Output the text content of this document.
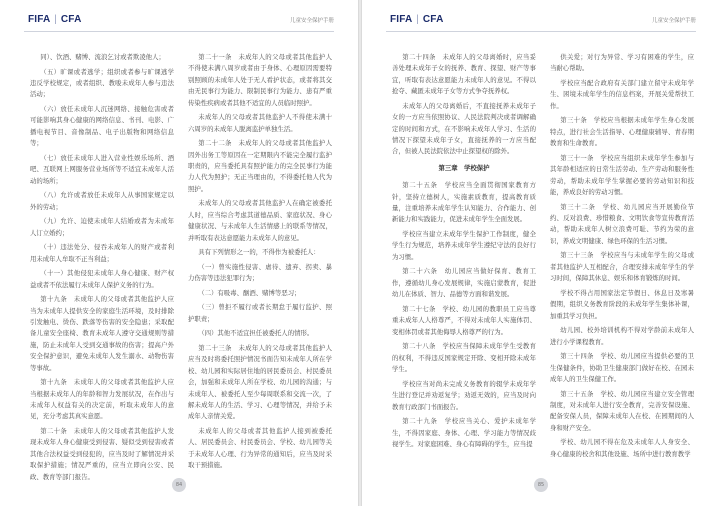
FIFA | CFA	儿童安全保护手册

同）、饮酒、赌博、流浪乞讨或者欺凌他人；

（五）旷课或者逃学；组织或者参与旷课逃学违反学校规定，或者组织、教唆未成年人参与违法活动；

（六）放任未成年人沉迷网络、接触危害或者可能影响其身心健康的网络信息、书刊、电影、广播电视节目、音像制品、电子出版物和网络信息等；

（七）放任未成年人进入营业性娱乐场所、酒吧、互联网上网服务营业场所等不适宜未成年人活动的场所；

（八）允许或者放任未成年人从事国家规定以外的劳动；

（九）允许、迫使未成年人结婚或者为未成年人订立婚约；

（十）违法处分、侵吞未成年人的财产或者利用未成年人牟取不正当利益；

（十一）其他侵犯未成年人身心健康、财产权益或者不依法履行未成年人保护义务的行为。

第十九条　未成年人的父母或者其他监护人应当为未成年人提供安全的家庭生活环境，及时排除引发触电、烫伤、跌落等伤害的安全隐患；采取配备儿童安全座椅、教育未成年人遵守交通规则等措施，防止未成年人受到交通事故的伤害；提高户外安全保护意识，避免未成年人发生溺水、动物伤害等事故。

第十九条　未成年人的父母或者其他监护人应当根据未成年人的年龄和智力发展状况，在作出与未成年人权益有关的决定前，听取未成年人的意见，充分考虑其真实意愿。

第二十条　未成年人的父母或者其他监护人发现未成年人身心健康受到侵害、疑似受到侵害或者其他合法权益受到侵犯的，应当及时了解情况并采取保护措施；情况严重的，应当立即向公安、民政、教育等部门报告。

第二十一条　未成年人的父母或者其他监护人不得使未满八周岁或者由于身体、心理原因需要特别照顾的未成年人处于无人看护状态，或者将其交由无民事行为能力、限制民事行为能力、患有严重传染性疾病或者其他不适宜的人员临时照护。

未成年人的父母或者其他监护人不得使未满十六周岁的未成年人脱离监护单独生活。

第二十二条　未成年人的父母或者其他监护人因外出务工等原因在一定期限内不能完全履行监护职责的，应当委托具有照护能力的完全民事行为能力人代为照护；无正当理由的，不得委托他人代为照护。

未成年人的父母或者其他监护人在确定被委托人时，应当综合考虑其道德品质、家庭状况、身心健康状况、与未成年人生活情感上的联系等情况，并听取有表达意愿能力未成年人的意见。

具有下列情形之一的，不得作为被委托人：

（一）曾实施性侵害、虐待、遗弃、拐卖、暴力伤害等违法犯罪行为；

（二）有吸毒、酗酒、赌博等恶习；

（三）曾拒不履行或者长期怠于履行监护、照护职责；

（四）其他不适宜担任被委托人的情形。

第二十三条　未成年人的父母或者其他监护人应当及时将委托照护情况书面告知未成年人所在学校、幼儿园和实际居住地的居民委员会、村民委员会，加强和未成年人所在学校、幼儿园的沟通；与未成年人、被委托人至少每周联系和交流一次，了解未成年人的生活、学习、心理等情况，并给予未成年人亲情关爱。

未成年人的父母或者其他监护人接到被委托人、居民委员会、村民委员会、学校、幼儿园等关于未成年人心理、行为异常的通知后，应当及时采取干预措施。

84
FIFA | CFA	儿童安全保护手册

第二十四条　未成年人的父母离婚时，应当妥善处理未成年子女的抚养、教育、探望、财产等事宜，听取有表达意愿能力未成年人的意见。不得以抢夺、藏匿未成年子女等方式争夺抚养权。

未成年人的父母离婚后，不直接抚养未成年子女的一方应当依照协议、人民法院判决或者调解确定的时间和方式，在不影响未成年人学习、生活的情况下探望未成年子女，直接抚养的一方应当配合，但被人民法院依法中止探望权的除外。

第三章　学校保护

第二十五条　学校应当全面贯彻国家教育方针，坚持立德树人，实施素质教育，提高教育质量，注重培养未成年学生认知能力、合作能力、创新能力和实践能力，促进未成年学生全面发展。

学校应当建立未成年学生保护工作制度，健全学生行为规范，培养未成年学生遵纪守法的良好行为习惯。

第二十六条　幼儿园应当做好保育、教育工作，遵循幼儿身心发展规律，实施启蒙教育，促进幼儿在体质、智力、品德等方面和谐发展。

第二十七条　学校、幼儿园的教职员工应当尊重未成年人人格尊严，不得对未成年人实施体罚、变相体罚或者其他侮辱人格尊严的行为。

第二十八条　学校应当保障未成年学生受教育的权利，不得违反国家规定开除、变相开除未成年学生。

学校应当对尚未完成义务教育的辍学未成年学生进行登记并劝返复学；劝返无效的，应当及时向教育行政部门书面报告。

第二十九条　学校应当关心、爱护未成年学生，不得因家庭、身体、心理、学习能力等情况歧视学生。对家庭困难、身心有障碍的学生，应当提

供关爱；对行为异常、学习有困难的学生，应当耐心帮助。

学校应当配合政府有关部门建立留守未成年学生、困境未成年学生的信息档案，开展关爱帮扶工作。

第三十条　学校应当根据未成年学生身心发展特点，进行社会生活指导、心理健康辅导、青春期教育和生命教育。

第三十一条　学校应当组织未成年学生参加与其年龄相适应的日常生活劳动、生产劳动和服务性劳动，帮助未成年学生掌握必要的劳动知识和技能，养成良好的劳动习惯。

第三十二条　学校、幼儿园应当开展勤俭节约、反对浪费、珍惜粮食、文明饮食等宣传教育活动，帮助未成年人树立浪费可耻、节约为荣的意识，养成文明健康、绿色环保的生活习惯。

第三十三条　学校应当与未成年学生的父母或者其他监护人互相配合，合理安排未成年学生的学习时间，保障其休息、娱乐和体育锻炼的时间。

学校不得占用国家法定节假日、休息日及寒暑假期，组织义务教育阶段的未成年学生集体补课，加重其学习负担。

幼儿园、校外培训机构不得对学龄前未成年人进行小学课程教育。

第三十四条　学校、幼儿园应当提供必要的卫生保健条件，协助卫生健康部门做好在校、在园未成年人的卫生保健工作。

第三十五条　学校、幼儿园应当建立安全管理制度，对未成年人进行安全教育，完善安保设施、配备安保人员，保障未成年人在校、在园期间的人身和财产安全。

学校、幼儿园不得在危及未成年人人身安全、身心健康的校舍和其他设施、场所中进行教育教学

85
